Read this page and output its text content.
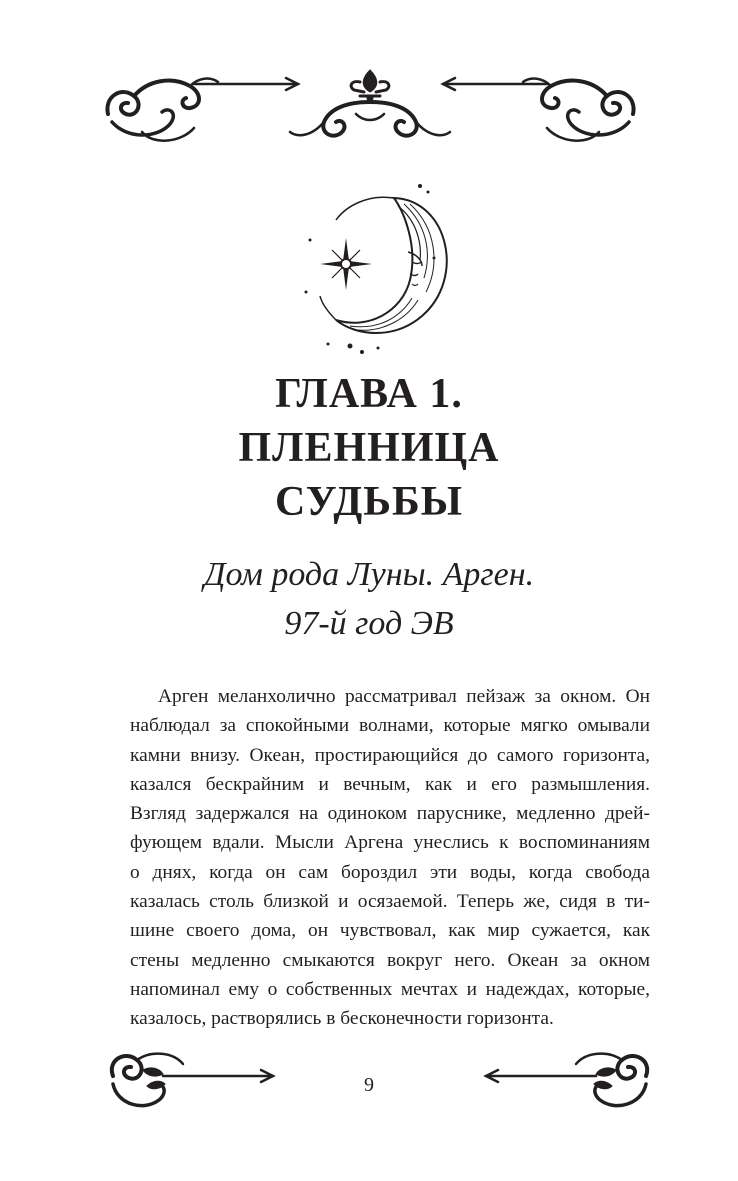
ГЛАВА 1.
ПЛЕННИЦА
СУДЬБЫ

Дом рода Луны. Арген.

97-й год ЭВ

Арген меланхолично рассматривал пейзаж за окном. Он
наблюдал за спокойными волнами, которые мягко омывали
камни внизу. Океан, простирающийся до самого горизонта,
казался бескрайним и вечным, как и его размышления.
Взгляд задержался на одиноком паруснике, медленно дрей-
фующем вдали. Мысли Аргена унеслись к воспоминаниям
о днях, когда он сам бороздил эти воды, когда свобода
казалась столь близкой и осязаемой. Теперь же, сидя в ти-
шине своего дома, он чувствовал, как мир сужается, как
стены медленно смыкаются вокруг него. Океан за окном
напоминал ему о собственных мечтах и надеждах, которые,
казалось, растворялись в бесконечности горизонта.
9
